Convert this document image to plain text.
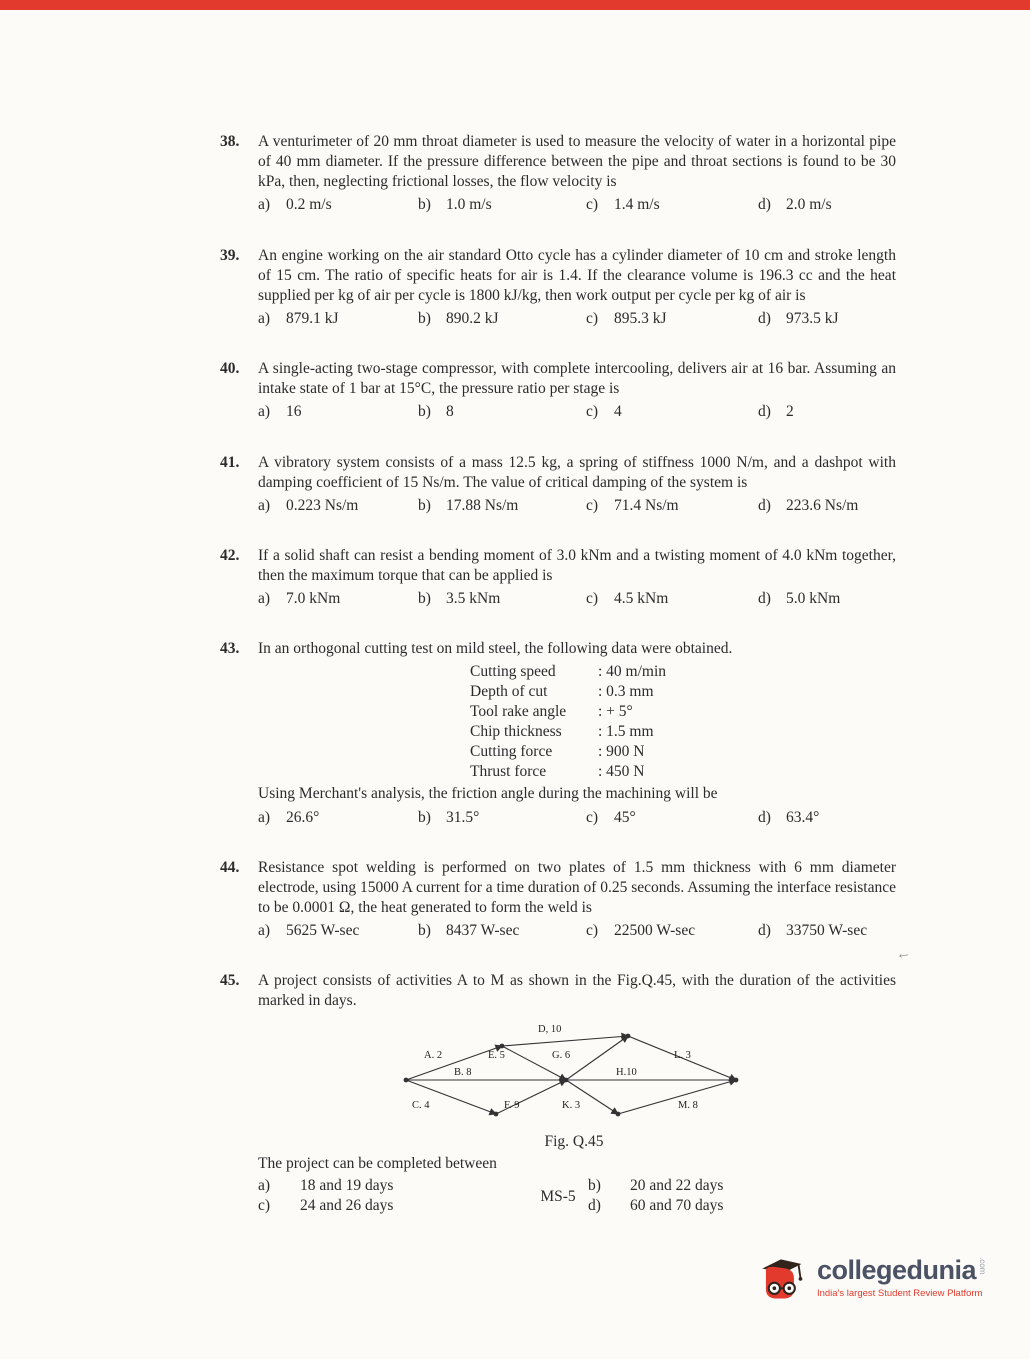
38.	A venturimeter of 20 mm throat diameter is used to measure the velocity of water in a horizontal pipe of 40 mm diameter. If the pressure difference between the pipe and throat sections is found to be 30 kPa, then, neglecting frictional losses, the flow velocity is
a) 0.2 m/s	b) 1.0 m/s	c) 1.4 m/s	d) 2.0 m/s
39.	An engine working on the air standard Otto cycle has a cylinder diameter of 10 cm and stroke length of 15 cm. The ratio of specific heats for air is 1.4. If the clearance volume is 196.3 cc and the heat supplied per kg of air per cycle is 1800 kJ/kg, then work output per cycle per kg of air is
a) 879.1 kJ	b) 890.2 kJ	c) 895.3 kJ	d) 973.5 kJ
40.	A single-acting two-stage compressor, with complete intercooling, delivers air at 16 bar. Assuming an intake state of 1 bar at 15°C, the pressure ratio per stage is
a) 16	b) 8	c) 4	d) 2
41.	A vibratory system consists of a mass 12.5 kg, a spring of stiffness 1000 N/m, and a dashpot with damping coefficient of 15 Ns/m. The value of critical damping of the system is
a) 0.223 Ns/m	b) 17.88 Ns/m	c) 71.4 Ns/m	d) 223.6 Ns/m
42.	If a solid shaft can resist a bending moment of 3.0 kNm and a twisting moment of 4.0 kNm together, then the maximum torque that can be applied is
a) 7.0 kNm	b) 3.5 kNm	c) 4.5 kNm	d) 5.0 kNm
43.	In an orthogonal cutting test on mild steel, the following data were obtained.
Cutting speed	: 40 m/min
Depth of cut	: 0.3 mm
Tool rake angle	: + 5°
Chip thickness	: 1.5 mm
Cutting force	: 900 N
Thrust force	: 450 N
Using Merchant's analysis, the friction angle during the machining will be
a) 26.6°	b) 31.5°	c) 45°	d) 63.4°
44.	Resistance spot welding is performed on two plates of 1.5 mm thickness with 6 mm diameter electrode, using 15000 A current for a time duration of 0.25 seconds. Assuming the interface resistance to be 0.0001 Ω, the heat generated to form the weld is
a) 5625 W-sec	b) 8437 W-sec	c) 22500 W-sec	d) 33750 W-sec
45.	A project consists of activities A to M as shown in the Fig.Q.45, with the duration of the activities marked in days.
A. 2
B. 8
C. 4
D, 10
E. 5
F. 9
G. 6
H.10
K. 3
L. 3
M. 8
Fig. Q.45
The project can be completed between
a) 18 and 19 days	b) 20 and 22 days
c) 24 and 26 days	d) 60 and 70 days
MS-5
←
collegedunia .com
India's largest Student Review Platform
